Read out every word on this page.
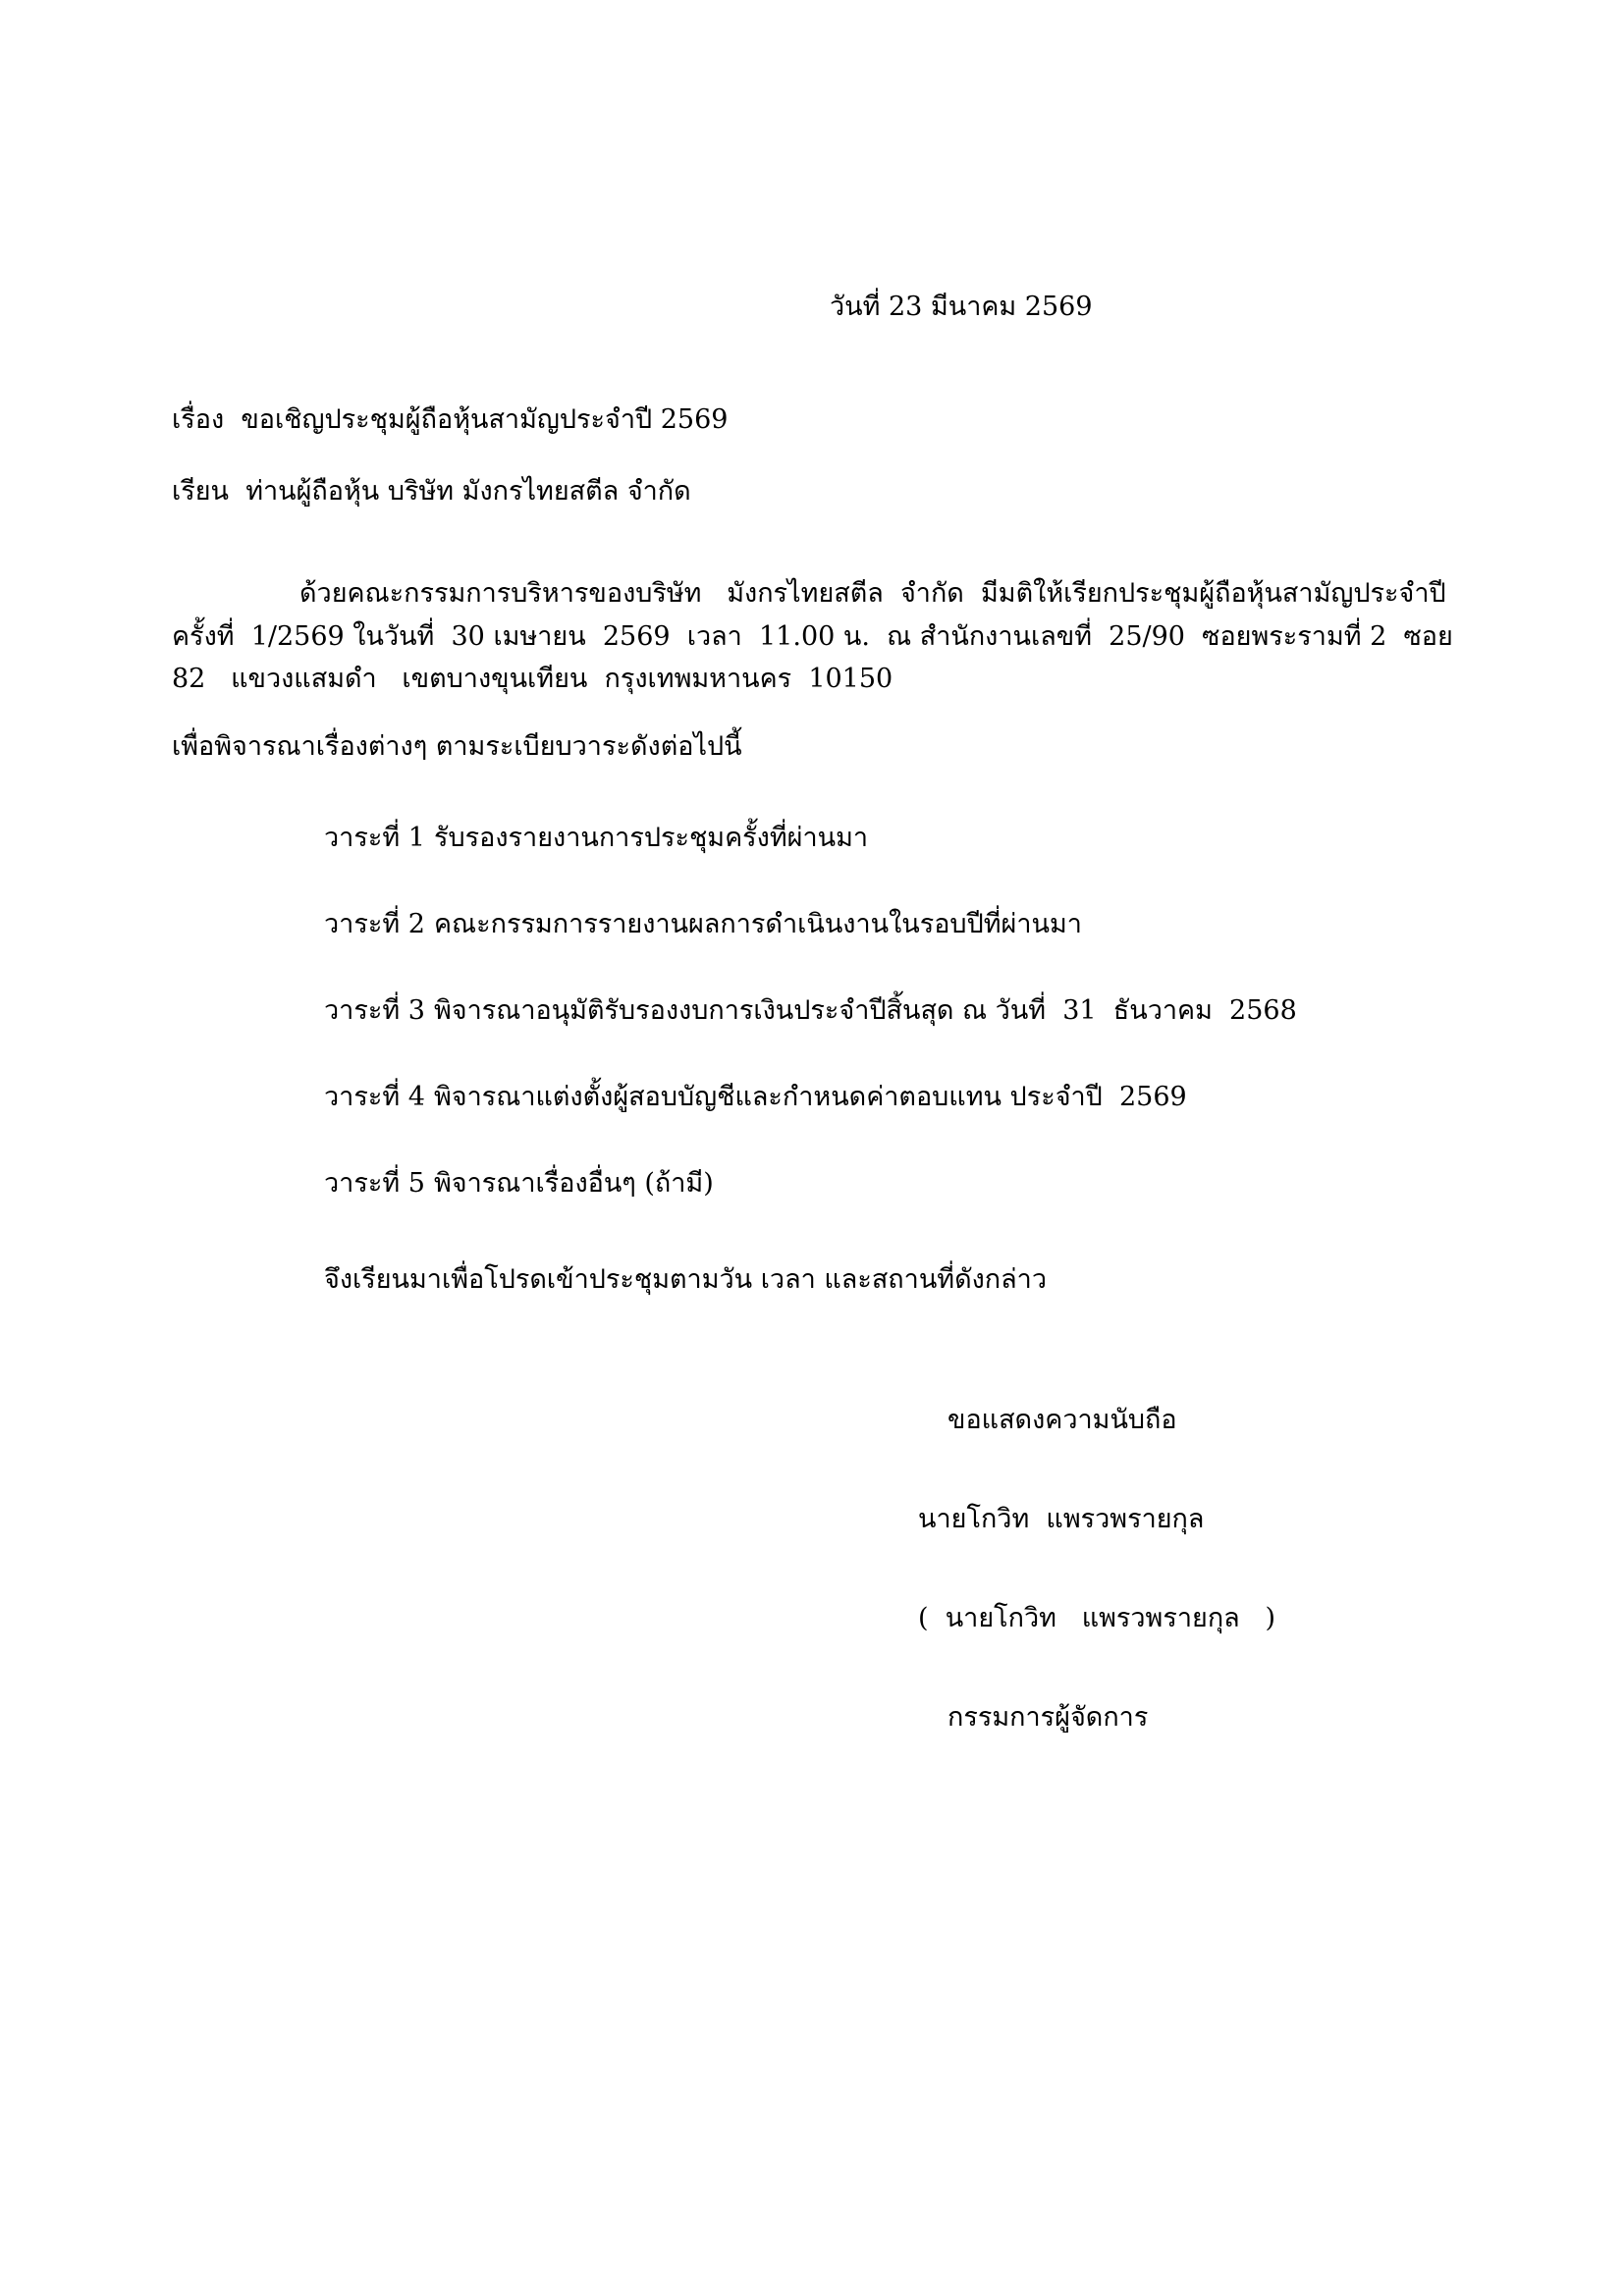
วันที่ 23 มีนาคม 2569
เรื่อง ขอเชิญประชุมผู้ถือหุ้นสามัญประจำปี 2569
เรียน ท่านผู้ถือหุ้น บริษัท มังกรไทยสตีล จำกัด
ด้วยคณะกรรมการบริหารของบริษัท   มังกรไทยสตีล  จำกัด  มีมติให้เรียกประชุมผู้ถือหุ้นสามัญประจำปี  ครั้งที่  1/2569 ในวันที่  30 เมษายน  2569  เวลา  11.00 น.  ณ สำนักงานเลขที่  25/90  ซอยพระรามที่ 2  ซอย 82   แขวงแสมดำ   เขตบางขุนเทียน  กรุงเทพมหานคร  10150
เพื่อพิจารณาเรื่องต่างๆ ตามระเบียบวาระดังต่อไปนี้
วาระที่ 1 รับรองรายงานการประชุมครั้งที่ผ่านมา
วาระที่ 2 คณะกรรมการรายงานผลการดำเนินงานในรอบปีที่ผ่านมา
วาระที่ 3 พิจารณาอนุมัติรับรองงบการเงินประจำปีสิ้นสุด ณ วันที่  31  ธันวาคม  2568
วาระที่ 4 พิจารณาแต่งตั้งผู้สอบบัญชีและกำหนดค่าตอบแทน ประจำปี  2569
วาระที่ 5 พิจารณาเรื่องอื่นๆ (ถ้ามี)
จึงเรียนมาเพื่อโปรดเข้าประชุมตามวัน เวลา และสถานที่ดังกล่าว
ขอแสดงความนับถือ
นายโกวิท  แพรวพรายกุล
(  นายโกวิท   แพรวพรายกุล   )
กรรมการผู้จัดการ
